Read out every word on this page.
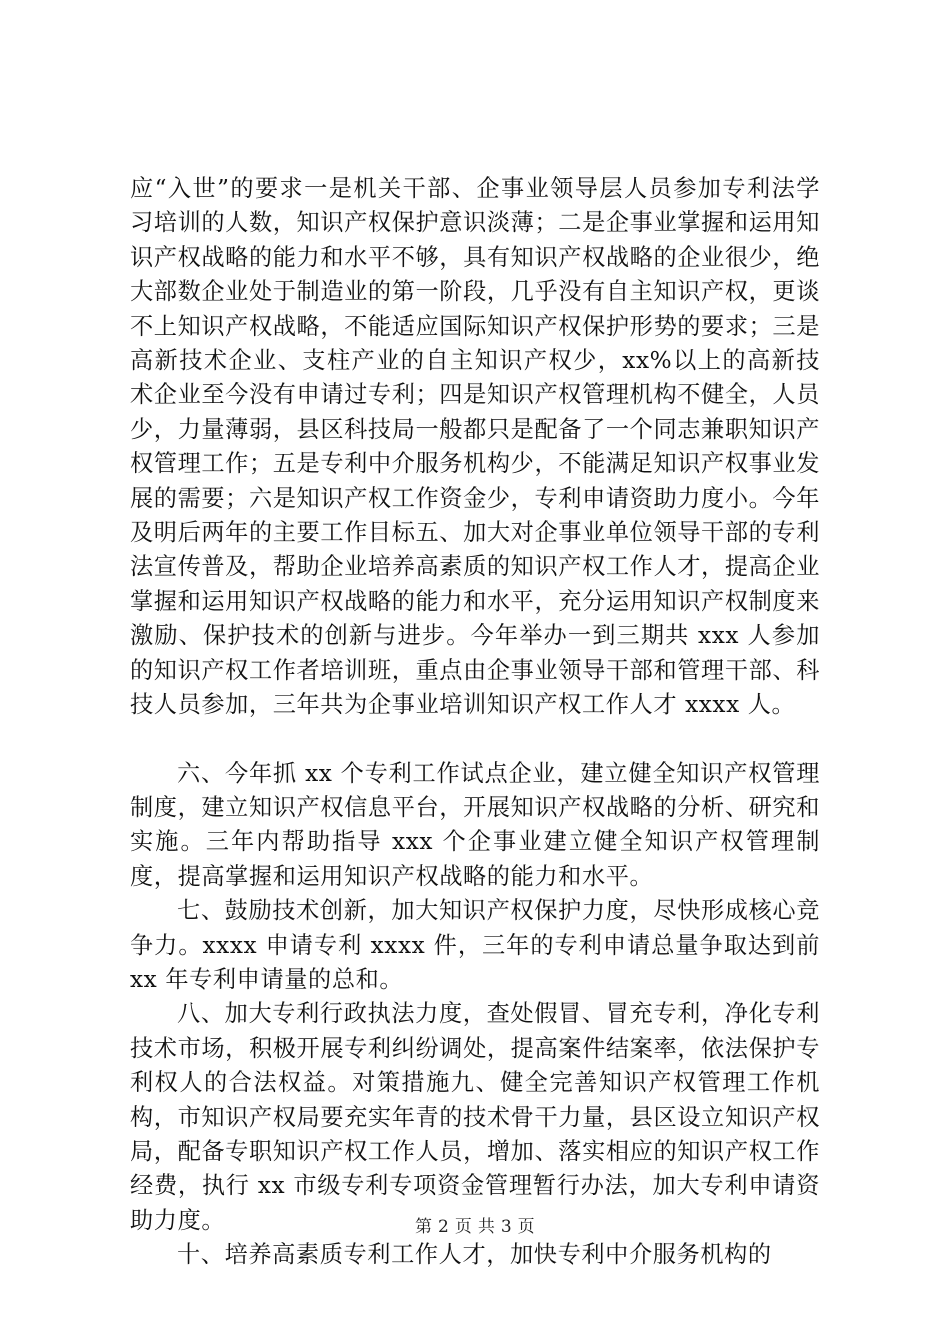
应“入世”的要求一是机关干部、企事业领导层人员参加专利法学习培训的人数，知识产权保护意识淡薄；二是企事业掌握和运用知识产权战略的能力和水平不够，具有知识产权战略的企业很少，绝大部数企业处于制造业的第一阶段，几乎没有自主知识产权，更谈不上知识产权战略，不能适应国际知识产权保护形势的要求；三是高新技术企业、支柱产业的自主知识产权少，xx%以上的高新技术企业至今没有申请过专利；四是知识产权管理机构不健全，人员少，力量薄弱，县区科技局一般都只是配备了一个同志兼职知识产权管理工作；五是专利中介服务机构少，不能满足知识产权事业发展的需要；六是知识产权工作资金少，专利申请资助力度小。今年及明后两年的主要工作目标五、加大对企事业单位领导干部的专利法宣传普及，帮助企业培养高素质的知识产权工作人才，提高企业掌握和运用知识产权战略的能力和水平，充分运用知识产权制度来激励、保护技术的创新与进步。今年举办一到三期共 xxx 人参加的知识产权工作者培训班，重点由企事业领导干部和管理干部、科技人员参加，三年共为企事业培训知识产权工作人才 xxxx 人。

六、今年抓 xx 个专利工作试点企业，建立健全知识产权管理制度，建立知识产权信息平台，开展知识产权战略的分析、研究和实施。三年内帮助指导 xxx 个企事业建立健全知识产权管理制度，提高掌握和运用知识产权战略的能力和水平。

七、鼓励技术创新，加大知识产权保护力度，尽快形成核心竞争力。xxxx 申请专利 xxxx 件，三年的专利申请总量争取达到前 xx 年专利申请量的总和。

八、加大专利行政执法力度，查处假冒、冒充专利，净化专利技术市场，积极开展专利纠纷调处，提高案件结案率，依法保护专利权人的合法权益。对策措施九、健全完善知识产权管理工作机构，市知识产权局要充实年青的技术骨干力量，县区设立知识产权局，配备专职知识产权工作人员，增加、落实相应的知识产权工作经费，执行 xx 市级专利专项资金管理暂行办法，加大专利申请资助力度。

十、培养高素质专利工作人才，加快专利中介服务机构的

第 2 页 共 3 页
